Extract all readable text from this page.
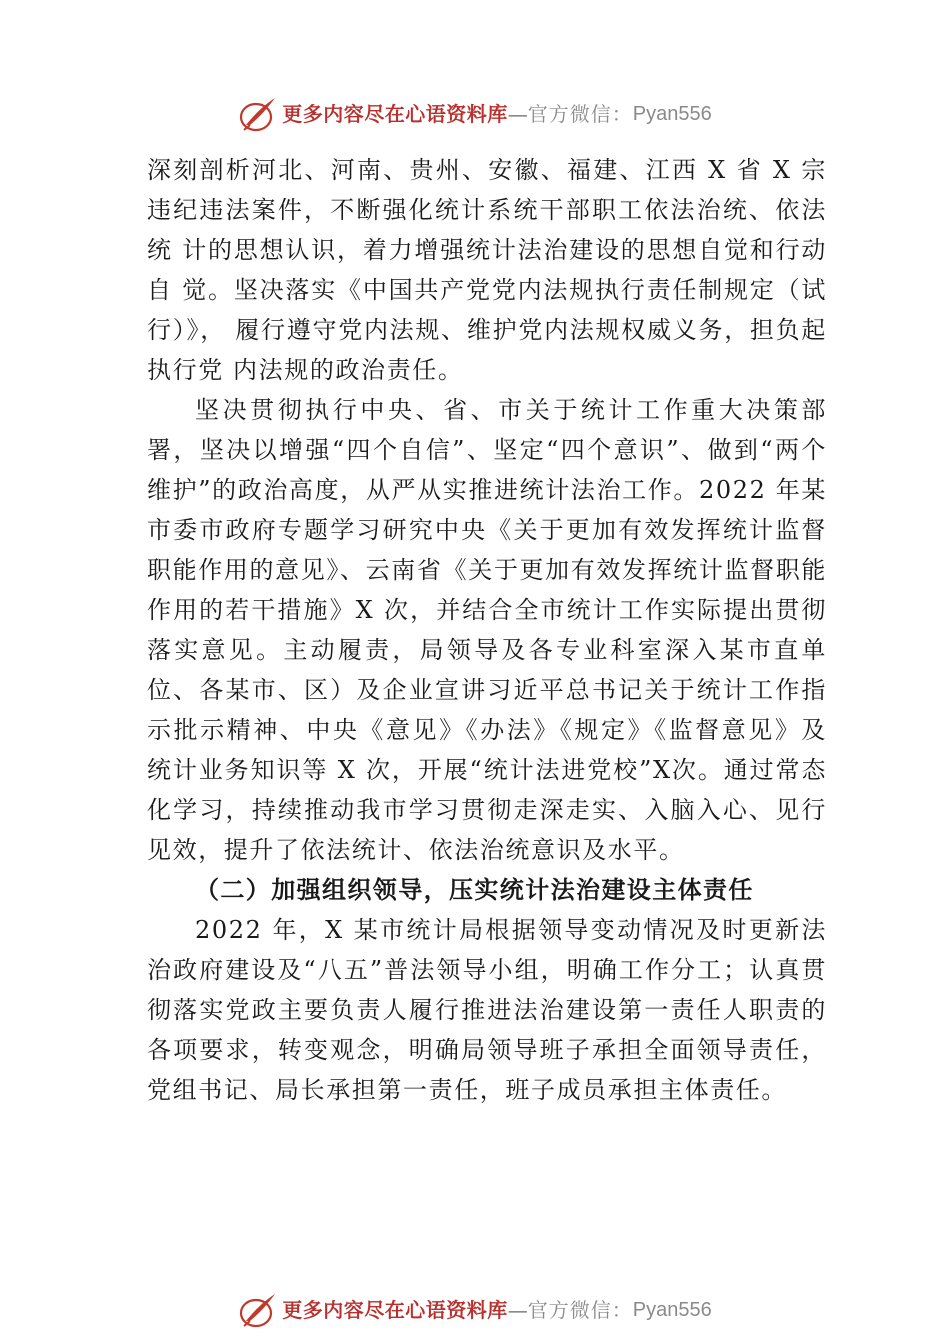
更多内容尽在心语资料库 — 官方微信： Pyan556

深刻剖析河北、河南、贵州、安徽、福建、江西 X 省 X 宗违纪违法案件，不断强化统计系统干部职工依法治统、依法统 计的思想认识，着力增强统计法治建设的思想自觉和行动自 觉。坚决落实《中国共产党党内法规执行责任制规定（试行）》， 履行遵守党内法规、维护党内法规权威义务，担负起执行党 内法规的政治责任。

坚决贯彻执行中央、省、市关于统计工作重大决策部署，坚决以增强“四个自信”、坚定“四个意识”、做到“两个维护”的政治高度，从严从实推进统计法治工作。2022 年某市委市政府专题学习研究中央《关于更加有效发挥统计监督职能作用的意见》、云南省《关于更加有效发挥统计监督职能作用的若干措施》X 次，并结合全市统计工作实际提出贯彻落实意见。主动履责，局领导及各专业科室深入某市直单位、各某市、区）及企业宣讲习近平总书记关于统计工作指示批示精神、中央《意见》《办法》《规定》《监督意见》及统计业务知识等 X 次，开展“统计法进党校”X次。通过常态化学习，持续推动我市学习贯彻走深走实、入脑入心、见行见效，提升了依法统计、依法治统意识及水平。

（二）加强组织领导，压实统计法治建设主体责任

2022 年，X 某市统计局根据领导变动情况及时更新法治政府建设及“八五”普法领导小组，明确工作分工；认真贯彻落实党政主要负责人履行推进法治建设第一责任人职责的各项要求，转变观念，明确局领导班子承担全面领导责任，党组书记、局长承担第一责任，班子成员承担主体责任。

更多内容尽在心语资料库 — 官方微信： Pyan556
